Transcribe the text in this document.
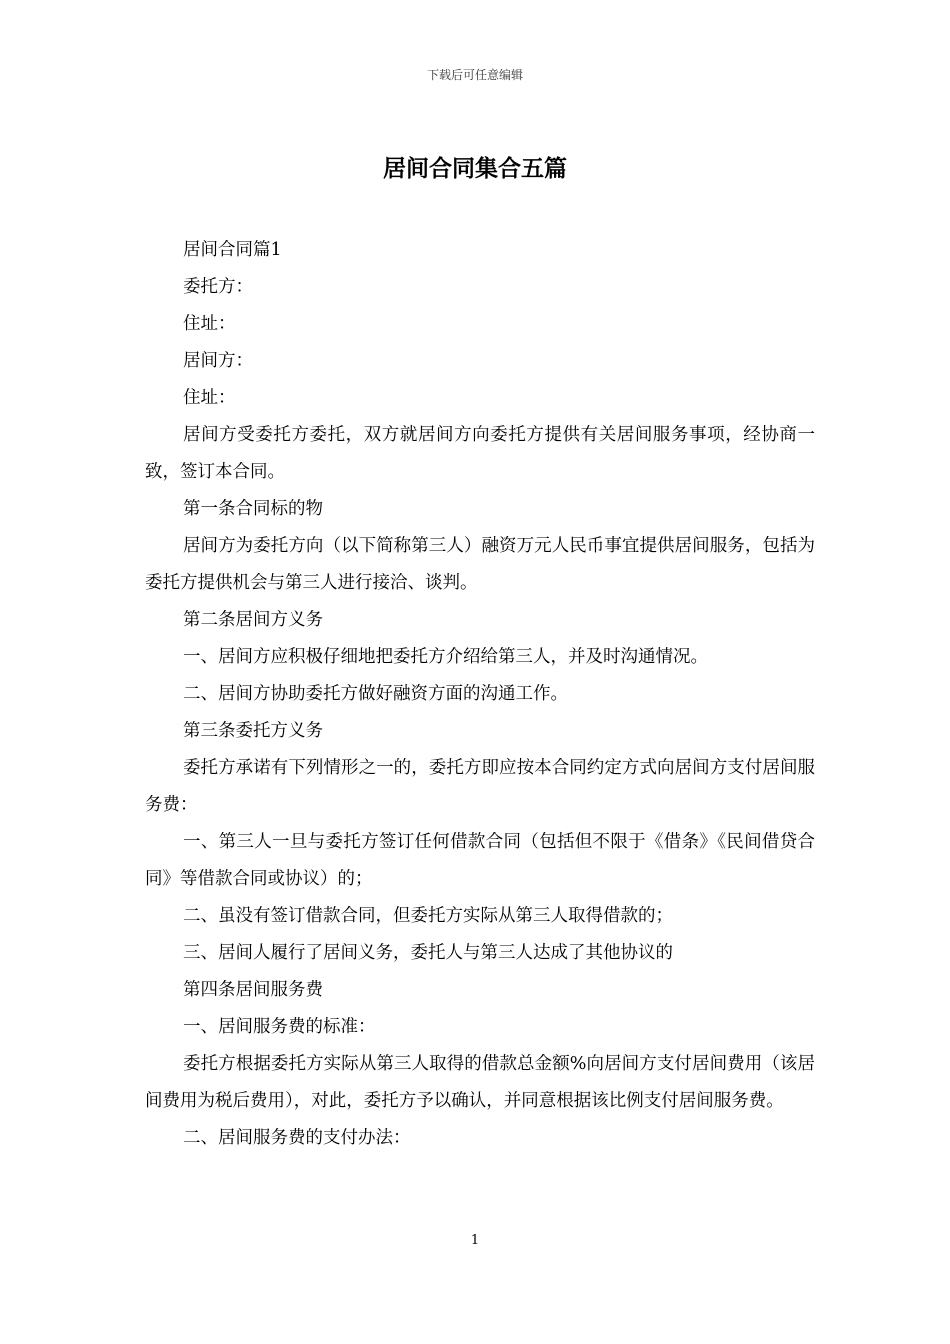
下载后可任意编辑
居间合同集合五篇

居间合同篇1

委托方：

住址：

居间方：

住址：

居间方受委托方委托，双方就居间方向委托方提供有关居间服务事项，经协商一致，签订本合同。

第一条合同标的物

居间方为委托方向（以下简称第三人）融资万元人民币事宜提供居间服务，包括为委托方提供机会与第三人进行接洽、谈判。

第二条居间方义务

一、居间方应积极仔细地把委托方介绍给第三人，并及时沟通情况。

二、居间方协助委托方做好融资方面的沟通工作。

第三条委托方义务

委托方承诺有下列情形之一的，委托方即应按本合同约定方式向居间方支付居间服务费：

一、第三人一旦与委托方签订任何借款合同（包括但不限于《借条》《民间借贷合同》等借款合同或协议）的；

二、虽没有签订借款合同，但委托方实际从第三人取得借款的；

三、居间人履行了居间义务，委托人与第三人达成了其他协议的

第四条居间服务费

一、居间服务费的标准：

委托方根据委托方实际从第三人取得的借款总金额%向居间方支付居间费用（该居间费用为税后费用），对此，委托方予以确认，并同意根据该比例支付居间服务费。

二、居间服务费的支付办法：

1
